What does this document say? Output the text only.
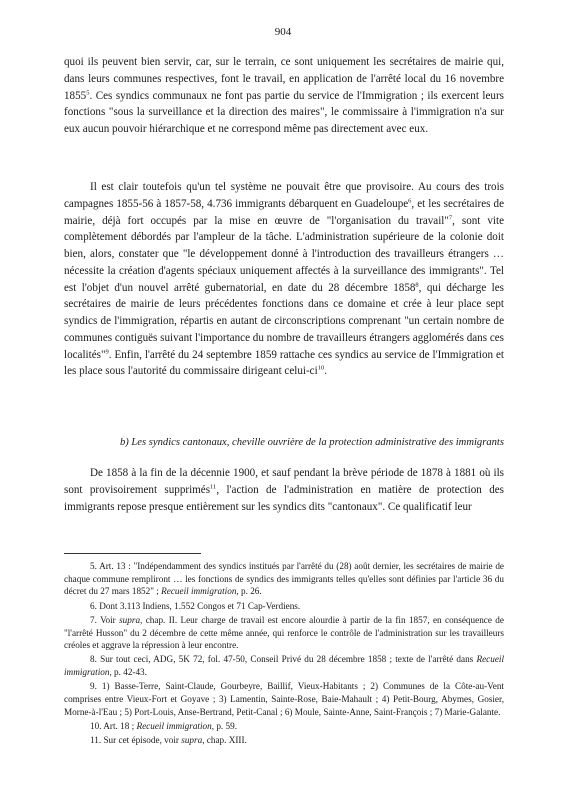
904

quoi ils peuvent bien servir, car, sur le terrain, ce sont uniquement les secrétaires de mairie qui, dans leurs communes respectives, font le travail, en application de l'arrêté local du 16 novembre 1855$^5$. Ces syndics communaux ne font pas partie du service de l'Immigration ; ils exercent leurs fonctions "sous la surveillance et la direction des maires", le commissaire à l'immigration n'a sur eux aucun pouvoir hiérarchique et ne correspond même pas directement avec eux.

Il est clair toutefois qu'un tel système ne pouvait être que provisoire. Au cours des trois campagnes 1855-56 à 1857-58, 4.736 immigrants débarquent en Guadeloupe$^6$, et les secrétaires de mairie, déjà fort occupés par la mise en œuvre de "l'organisation du travail"$^7$, sont vite complètement débordés par l'ampleur de la tâche. L'administration supérieure de la colonie doit bien, alors, constater que "le développement donné à l'introduction des travailleurs étrangers … nécessite la création d'agents spéciaux uniquement affectés à la surveillance des immigrants". Tel est l'objet d'un nouvel arrêté gubernatorial, en date du 28 décembre 1858$^8$, qui décharge les secrétaires de mairie de leurs précédentes fonctions dans ce domaine et crée à leur place sept syndics de l'immigration, répartis en autant de circonscriptions comprenant "un certain nombre de communes contiguës suivant l'importance du nombre de travailleurs étrangers agglomérés dans ces localités"$^9$. Enfin, l'arrêté du 24 septembre 1859 rattache ces syndics au service de l'Immigration et les place sous l'autorité du commissaire dirigeant celui-$ci^{10}$.

b) Les syndics cantonaux, cheville ouvrière de la protection administrative des immigrants

De 1858 à la fin de la décennie 1900, et sauf pendant la brève période de 1878 à 1881 où ils sont provisoirement supprimés$^{11}$, l'action de l'administration en matière de protection des immigrants repose presque entièrement sur les syndics dits "cantonaux". Ce qualificatif leur

5. Art. 13 : "Indépendamment des syndics institués par l'arrêté du (28) août dernier, les secrétaires de mairie de chaque commune rempliront … les fonctions de syndics des immigrants telles qu'elles sont définies par l'article 36 du décret du 27 mars 1852" ; Recueil immigration, p. 26.

6. Dont 3.113 Indiens, 1.552 Congos et 71 Cap-Verdiens.

7. Voir supra, chap. II. Leur charge de travail est encore alourdie à partir de la fin 1857, en conséquence de "l'arrêté Husson" du 2 décembre de cette même année, qui renforce le contrôle de l'administration sur les travailleurs créoles et aggrave la répression à leur encontre.

8. Sur tout ceci, ADG, 5K 72, fol. 47-50, Conseil Privé du 28 décembre 1858 ; texte de l'arrêté dans Recueil immigration, p. 42-43.

9. 1) Basse-Terre, Saint-Claude, Gourbeyre, Baillif, Vieux-Habitants ; 2) Communes de la Côte-au-Vent comprises entre Vieux-Fort et Goyave ; 3) Lamentin, Sainte-Rose, Baie-Mahault ; 4) Petit-Bourg, Abymes, Gosier, Morne-à-l'Eau ; 5) Port-Louis, Anse-Bertrand, Petit-Canal ; 6) Moule, Sainte-Anne, Saint-François ; 7) Marie-Galante.

10. Art. 18 ; Recueil immigration, p. 59.

11. Sur cet épisode, voir supra, chap. XIII.
